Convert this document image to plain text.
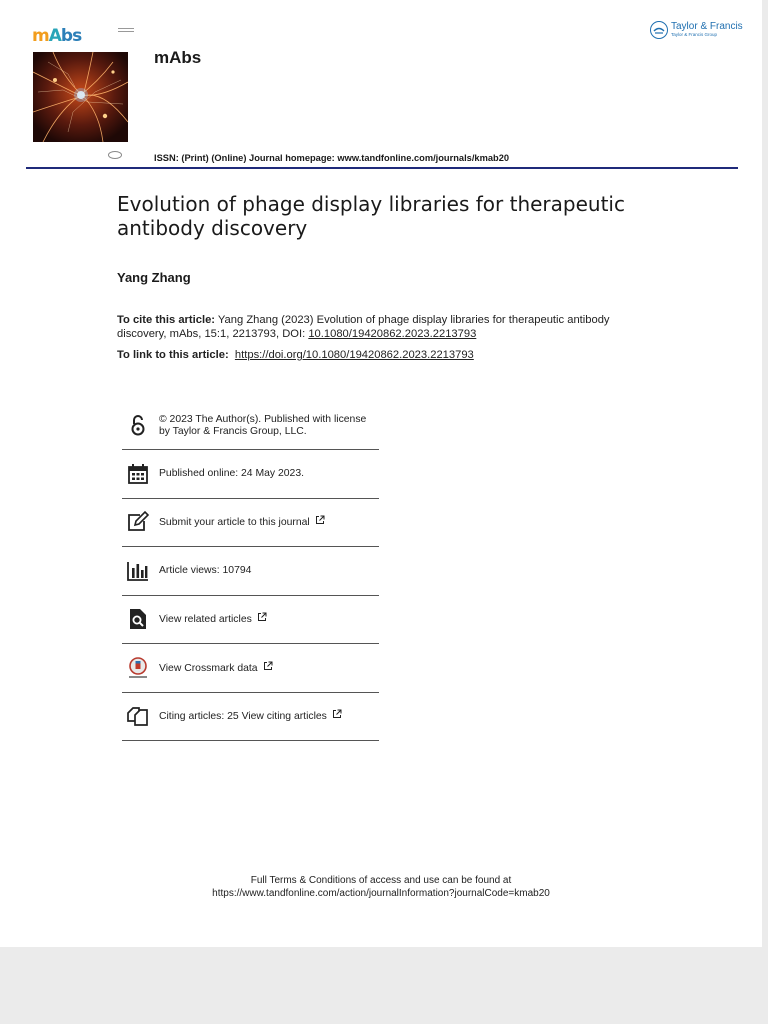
mAbs
mAbs
Taylor & Francis
Taylor & Francis Group
ISSN: (Print) (Online) Journal homepage: www.tandfonline.com/journals/kmab20
Evolution of phage display libraries for therapeutic antibody discovery
Yang Zhang
To cite this article: Yang Zhang (2023) Evolution of phage display libraries for therapeutic antibody discovery, mAbs, 15:1, 2213793, DOI: 10.1080/19420862.2023.2213793
To link to this article: https://doi.org/10.1080/19420862.2023.2213793
© 2023 The Author(s). Published with license by Taylor & Francis Group, LLC.
Published online: 24 May 2023.
Submit your article to this journal
Article views: 10794
View related articles
View Crossmark data
Citing articles: 25 View citing articles
Full Terms & Conditions of access and use can be found at
https://www.tandfonline.com/action/journalInformation?journalCode=kmab20
